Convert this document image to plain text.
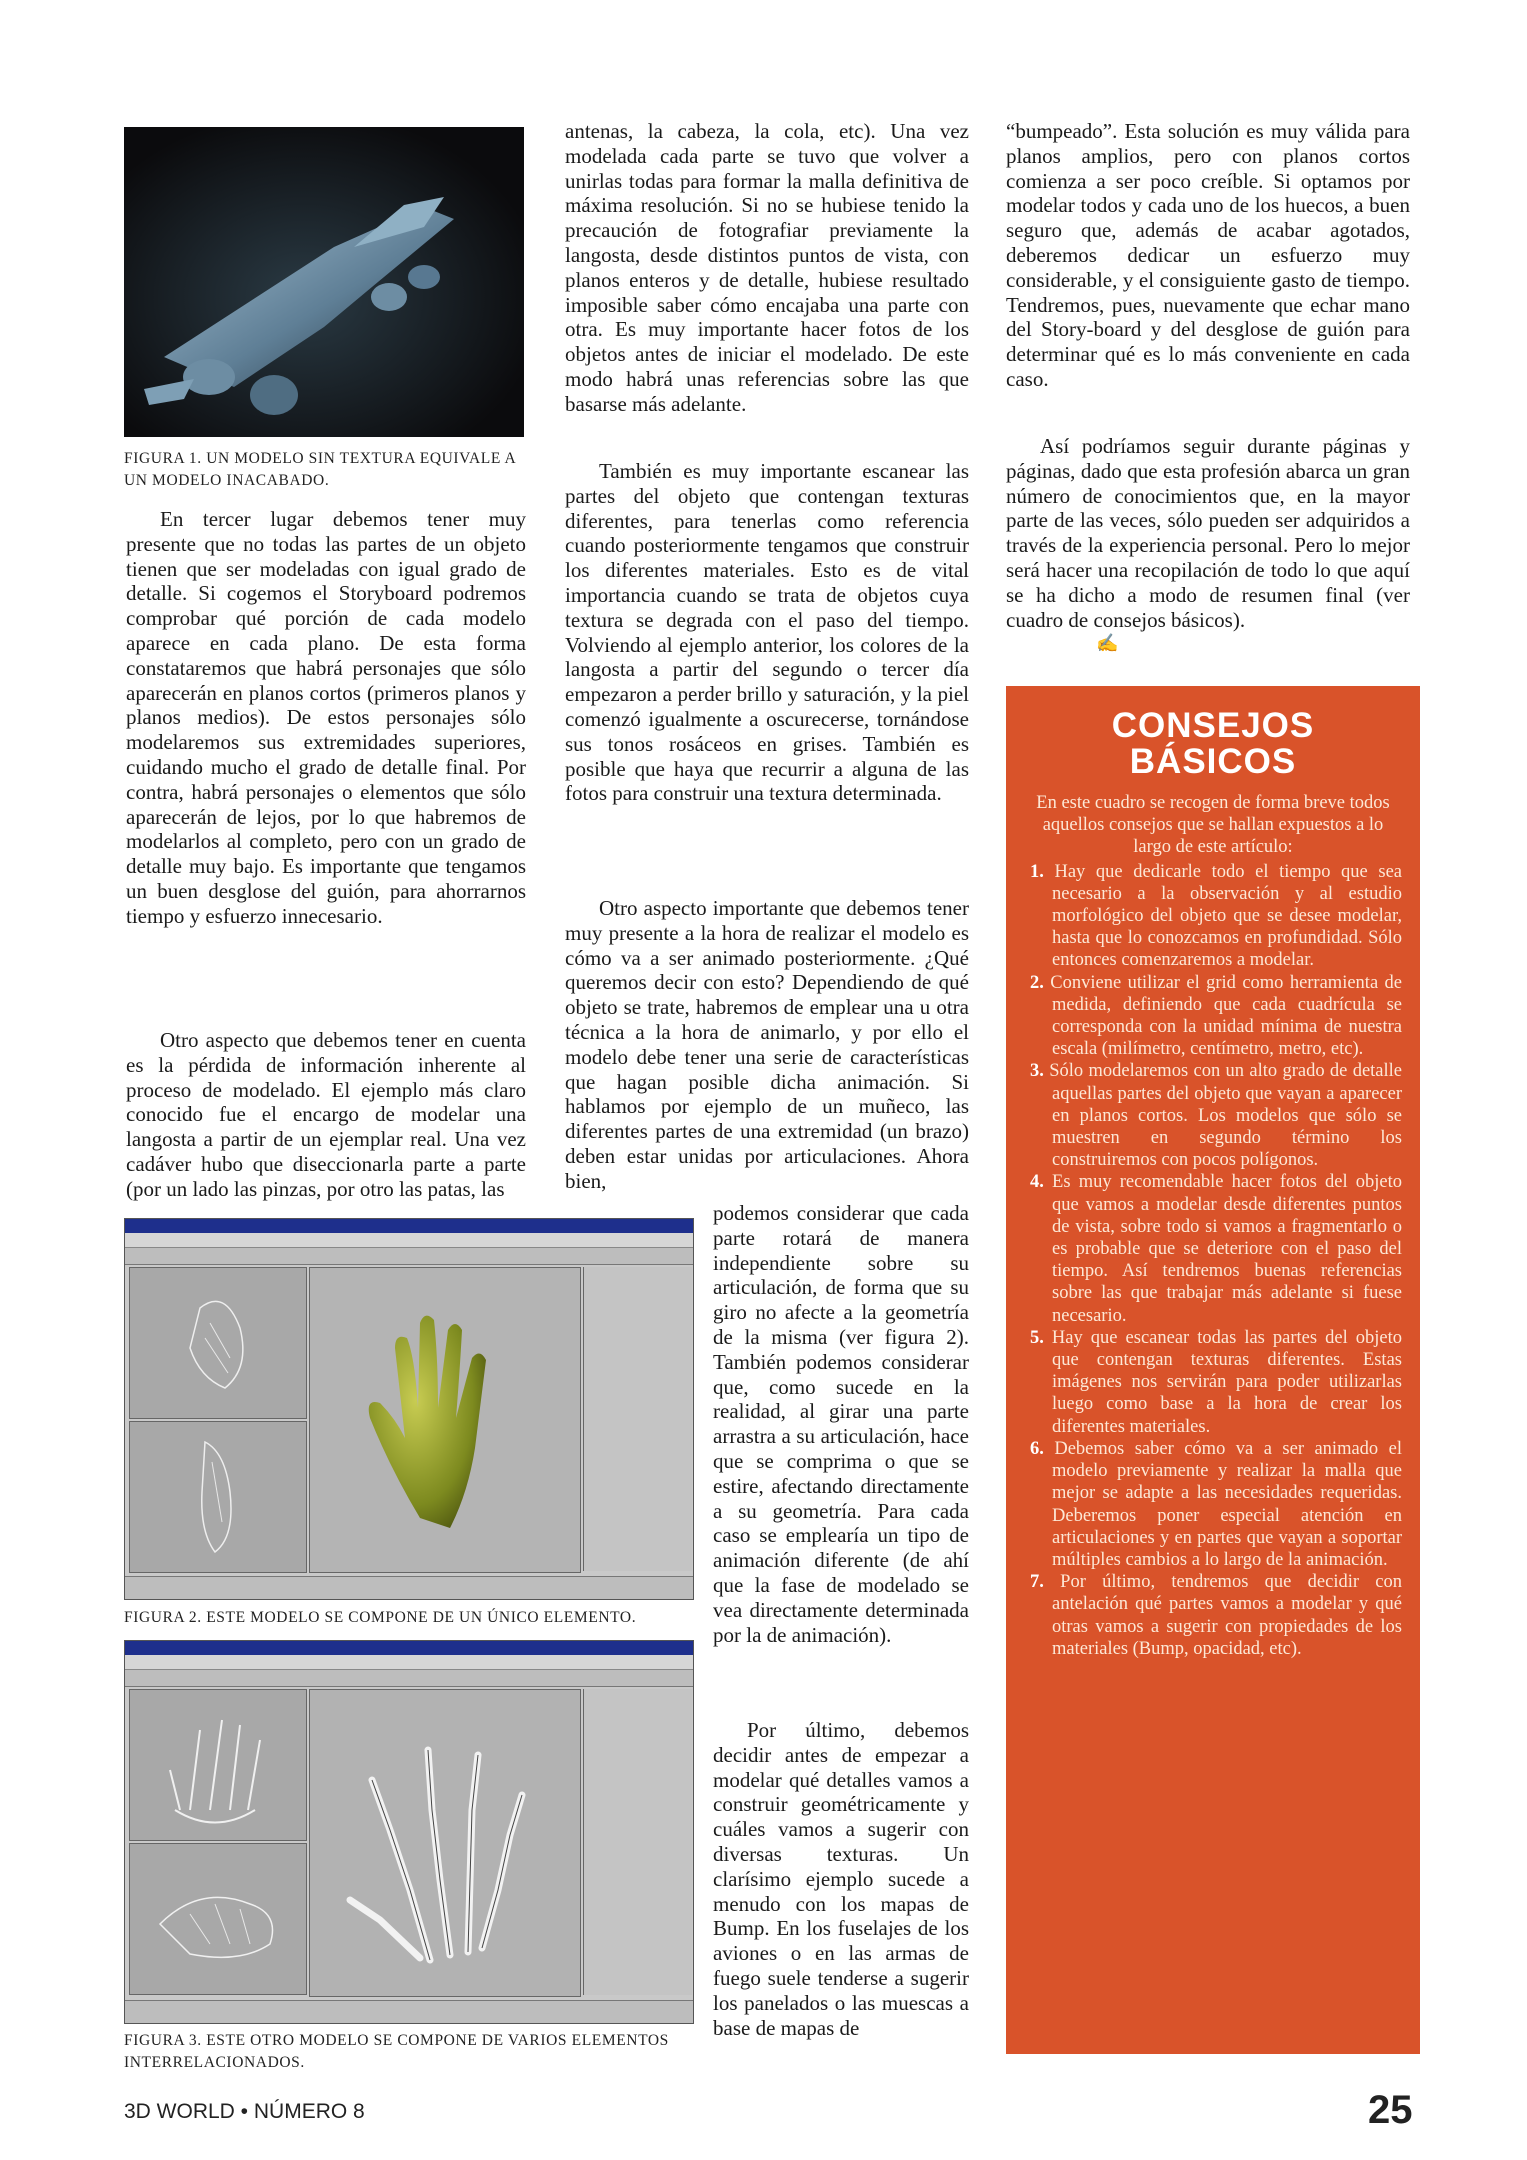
FIGURA 1. UN MODELO SIN TEXTURA EQUIVALE A UN MODELO INACABADO.

En tercer lugar debemos tener muy presente que no todas las partes de un objeto tienen que ser modeladas con igual grado de detalle. Si cogemos el Storyboard podremos comprobar qué porción de cada modelo aparece en cada plano. De esta forma constataremos que habrá personajes que sólo aparecerán en planos cortos (primeros planos y planos medios). De estos personajes sólo modelaremos sus extremidades superiores, cuidando mucho el grado de detalle final. Por contra, habrá personajes o elementos que sólo aparecerán de lejos, por lo que habremos de modelarlos al completo, pero con un grado de detalle muy bajo. Es importante que tengamos un buen desglose del guión, para ahorrarnos tiempo y esfuerzo innecesario.

Otro aspecto que debemos tener en cuenta es la pérdida de información inherente al proceso de modelado. El ejemplo más claro conocido fue el encargo de modelar una langosta a partir de un ejemplar real. Una vez cadáver hubo que diseccionarla parte a parte (por un lado las pinzas, por otro las patas, las

antenas, la cabeza, la cola, etc). Una vez modelada cada parte se tuvo que volver a unirlas todas para formar la malla definitiva de máxima resolución. Si no se hubiese tenido la precaución de fotografiar previamente la langosta, desde distintos puntos de vista, con planos enteros y de detalle, hubiese resultado imposible saber cómo encajaba una parte con otra. Es muy importante hacer fotos de los objetos antes de iniciar el modelado. De este modo habrá unas referencias sobre las que basarse más adelante.

También es muy importante escanear las partes del objeto que contengan texturas diferentes, para tenerlas como referencia cuando posteriormente tengamos que construir los diferentes materiales. Esto es de vital importancia cuando se trata de objetos cuya textura se degrada con el paso del tiempo. Volviendo al ejemplo anterior, los colores de la langosta a partir del segundo o tercer día empezaron a perder brillo y saturación, y la piel comenzó igualmente a oscurecerse, tornándose sus tonos rosáceos en grises. También es posible que haya que recurrir a alguna de las fotos para construir una textura determinada.

Otro aspecto importante que debemos tener muy presente a la hora de realizar el modelo es cómo va a ser animado posteriormente. ¿Qué queremos decir con esto? Dependiendo de qué objeto se trate, habremos de emplear una u otra técnica a la hora de animarlo, y por ello el modelo debe tener una serie de características que hagan posible dicha animación. Si hablamos por ejemplo de un muñeco, las diferentes partes de una extremidad (un brazo) deben estar unidas por articulaciones. Ahora bien,

podemos considerar que cada parte rotará de manera independiente sobre su articulación, de forma que su giro no afecte a la geometría de la misma (ver figura 2). También podemos considerar que, como sucede en la realidad, al girar una parte arrastra a su articulación, hace que se comprima o que se estire, afectando directamente a su geometría. Para cada caso se emplearía un tipo de animación diferente (de ahí que la fase de modelado se vea directamente determinada por la de animación).

Por último, debemos decidir antes de empezar a modelar qué detalles vamos a construir geométricamente y cuáles vamos a sugerir con diversas texturas. Un clarísimo ejemplo sucede a menudo con los mapas de Bump. En los fuselajes de los aviones o en las armas de fuego suele tenderse a sugerir los panelados o las muescas a base de mapas de

FIGURA 2. ESTE MODELO SE COMPONE DE UN ÚNICO ELEMENTO.
FIGURA 3. ESTE OTRO MODELO SE COMPONE DE VARIOS ELEMENTOS INTERRELACIONADOS.

“bumpeado”. Esta solución es muy válida para planos amplios, pero con planos cortos comienza a ser poco creíble. Si optamos por modelar todos y cada uno de los huecos, a buen seguro que, además de acabar agotados, deberemos dedicar un esfuerzo muy considerable, y el consiguiente gasto de tiempo. Tendremos, pues, nuevamente que echar mano del Story-board y del desglose de guión para determinar qué es lo más conveniente en cada caso.

Así podríamos seguir durante páginas y páginas, dado que esta profesión abarca un gran número de conocimientos que, en la mayor parte de las veces, sólo pueden ser adquiridos a través de la experiencia personal. Pero lo mejor será hacer una recopilación de todo lo que aquí se ha dicho a modo de resumen final (ver cuadro de consejos básicos).

✍

CONSEJOS

BÁSICOS

En este cuadro se recogen de forma breve todos aquellos consejos que se hallan expuestos a lo largo de este artículo:

1. Hay que dedicarle todo el tiempo que sea necesario a la observación y al estudio morfológico del objeto que se desee modelar, hasta que lo conozcamos en profundidad. Sólo entonces comenzaremos a modelar.

2. Conviene utilizar el grid como herramienta de medida, definiendo que cada cuadrícula se corresponda con la unidad mínima de nuestra escala (milímetro, centímetro, metro, etc).

3. Sólo modelaremos con un alto grado de detalle aquellas partes del objeto que vayan a aparecer en planos cortos. Los modelos que sólo se muestren en segundo término los construiremos con pocos polígonos.

4. Es muy recomendable hacer fotos del objeto que vamos a modelar desde diferentes puntos de vista, sobre todo si vamos a fragmentarlo o es probable que se deteriore con el paso del tiempo. Así tendremos buenas referencias sobre las que trabajar más adelante si fuese necesario.

5. Hay que escanear todas las partes del objeto que contengan texturas diferentes. Estas imágenes nos servirán para poder utilizarlas luego como base a la hora de crear los diferentes materiales.

6. Debemos saber cómo va a ser animado el modelo previamente y realizar la malla que mejor se adapte a las necesidades requeridas. Deberemos poner especial atención en articulaciones y en partes que vayan a soportar múltiples cambios a lo largo de la animación.

7. Por último, tendremos que decidir con antelación qué partes vamos a modelar y qué otras vamos a sugerir con propiedades de los materiales (Bump, opacidad, etc).

3D WORLD • NÚMERO 8	25
